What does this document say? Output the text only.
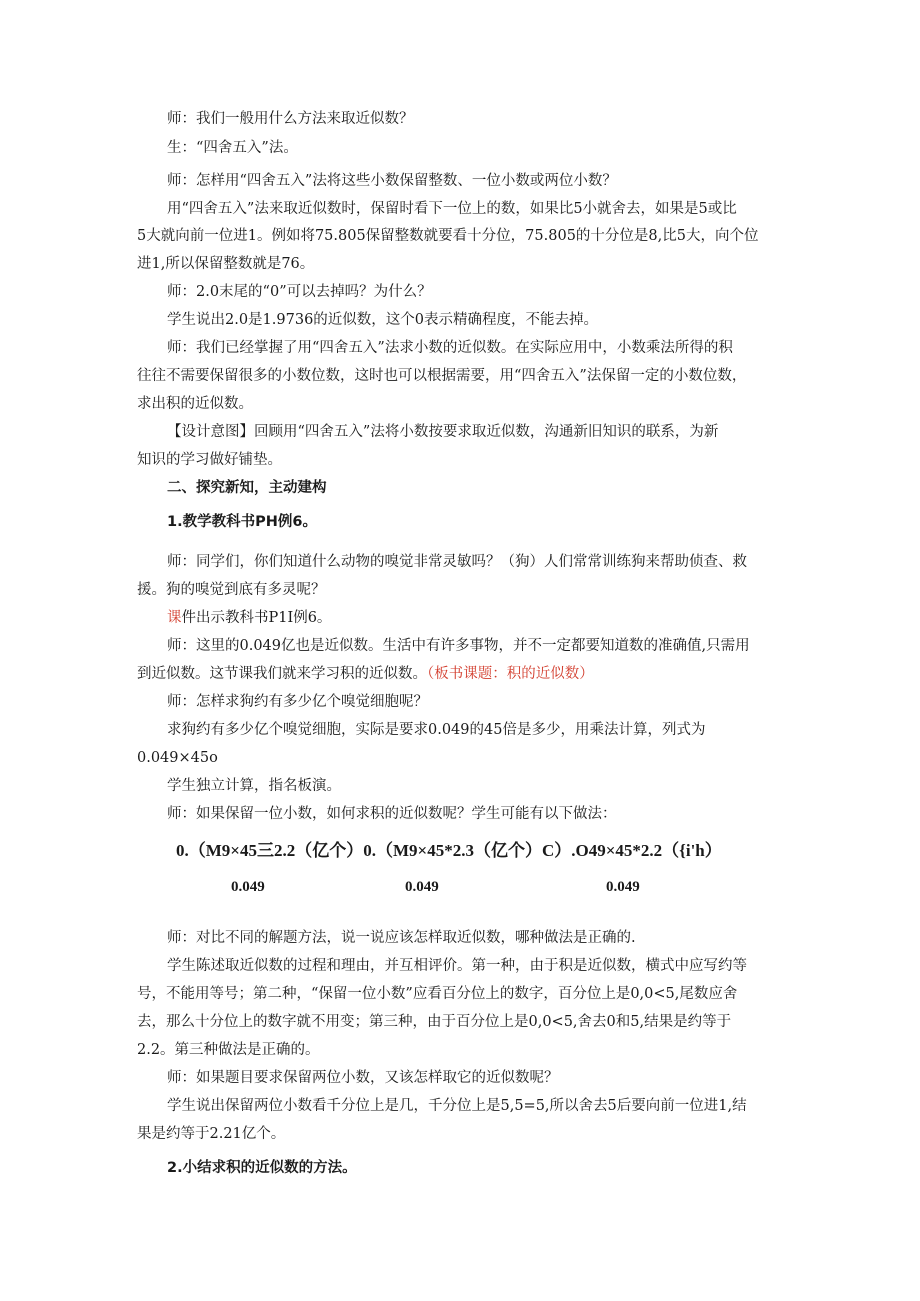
师：我们一般用什么方法来取近似数？

生：“四舍五入”法。

师：怎样用“四舍五入”法将这些小数保留整数、一位小数或两位小数？

用“四舍五入”法来取近似数时，保留时看下一位上的数，如果比5小就舍去，如果是5或比

5大就向前一位进1。例如将75.805保留整数就要看十分位，75.805的十分位是8,比5大，向个位

进1,所以保留整数就是76。

师：2.0末尾的“0”可以去掉吗？为什么？

学生说出2.0是1.9736的近似数，这个0表示精确程度，不能去掉。

师：我们已经掌握了用“四舍五入”法求小数的近似数。在实际应用中，小数乘法所得的积

往往不需要保留很多的小数位数，这时也可以根据需要，用“四舍五入”法保留一定的小数位数，

求出积的近似数。

【设计意图】回顾用“四舍五入”法将小数按要求取近似数，沟通新旧知识的联系，为新

知识的学习做好铺垫。

二、探究新知，主动建构

1.教学教科书PH例6。

师：同学们，你们知道什么动物的嗅觉非常灵敏吗？（狗）人们常常训练狗来帮助侦查、救

援。狗的嗅觉到底有多灵呢？

课件出示教科书P1I例6。

师：这里的0.049亿也是近似数。生活中有许多事物，并不一定都要知道数的准确值,只需用

到近似数。这节课我们就来学习积的近似数。（板书课题：积的近似数）

师：怎样求狗约有多少亿个嗅觉细胞呢？

求狗约有多少亿个嗅觉细胞，实际是要求0.049的45倍是多少，用乘法计算，列式为

0.049×45o

学生独立计算，指名板演。

师：如果保留一位小数，如何求积的近似数呢？学生可能有以下做法：

0.（M9×45三2.2（亿个）0.（M9×45*2.3（亿个）C）.O49×45*2.2（{i'h）
0.049	0.049	0.049

师：对比不同的解题方法，说一说应该怎样取近似数，哪种做法是正确的.

学生陈述取近似数的过程和理由，并互相评价。第一种，由于积是近似数，横式中应写约等

号，不能用等号；第二种，“保留一位小数”应看百分位上的数字，百分位上是0,0<5,尾数应舍

去，那么十分位上的数字就不用变；第三种，由于百分位上是0,0<5,舍去0和5,结果是约等于

2.2。第三种做法是正确的。

师：如果题目要求保留两位小数，又该怎样取它的近似数呢？

学生说出保留两位小数看千分位上是几，千分位上是5,5=5,所以舍去5后要向前一位进1,结

果是约等于2.21亿个。

2.小结求积的近似数的方法。
